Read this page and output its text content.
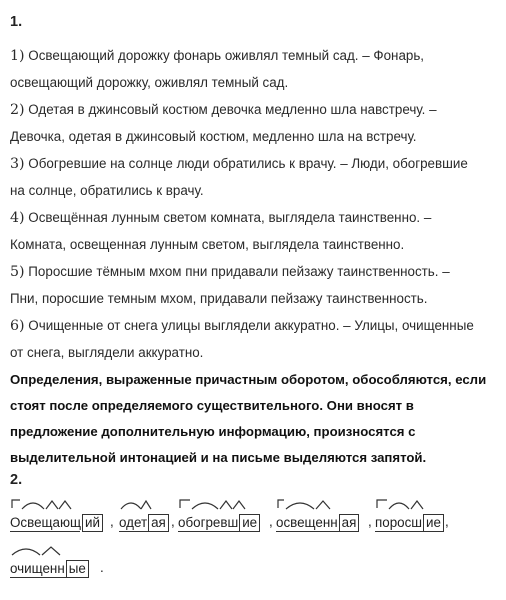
1.
1) Освещающий дорожку фонарь оживлял темный сад. – Фонарь,
освещающий дорожку, оживлял темный сад.
2) Одетая в джинсовый костюм девочка медленно шла навстречу. –
Девочка, одетая в джинсовый костюм, медленно шла на встречу.
3) Обогревшие на солнце люди обратились к врачу. – Люди, обогревшие
на солнце, обратились к врачу.
4) Освещённая лунным светом комната, выглядела таинственно. –
Комната, освещенная лунным светом, выглядела таинственно.
5) Поросшие тёмным мхом пни придавали пейзажу таинственность. –
Пни, поросшие темным мхом, придавали пейзажу таинственность.
6) Очищенные от снега улицы выглядели аккуратно. – Улицы, очищенные
от снега, выглядели аккуратно.
Определения, выраженные причастным оборотом, обособляются, если
стоят после определяемого существительного. Они вносят в
предложение дополнительную информацию, произносятся с
выделительной интонацией и на письме выделяются запятой.
2.
Освещающ ий , одет ая , обогревш ие , освещенн ая , поросш ие ,
очищенн ые .
